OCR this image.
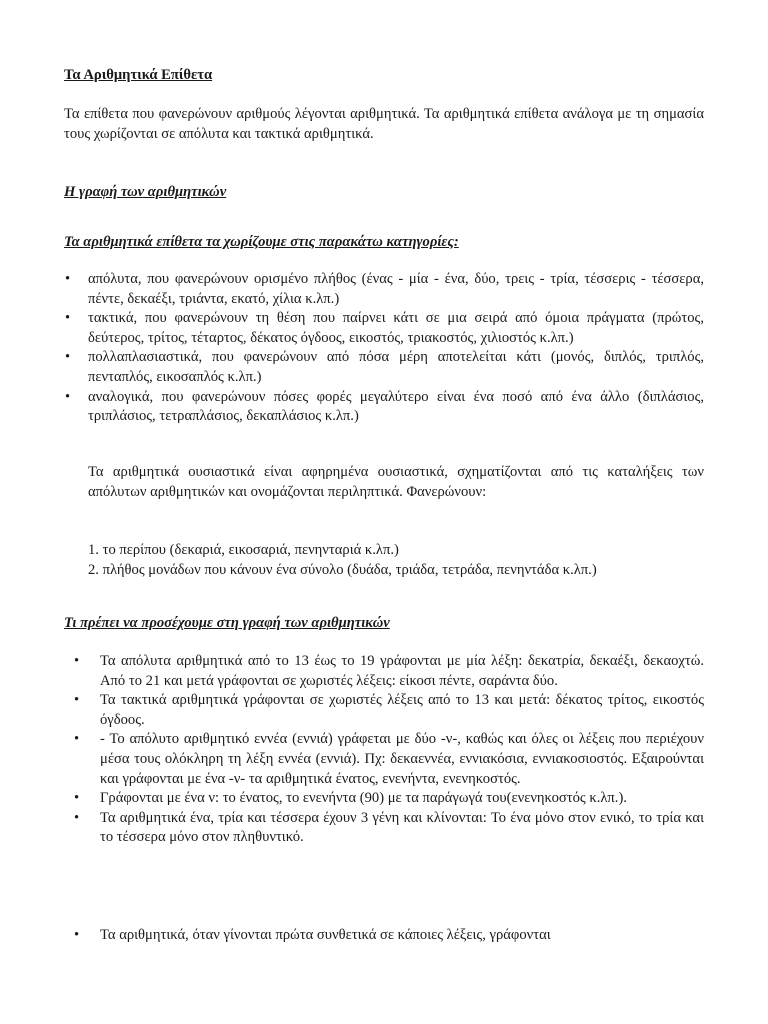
Τα Αριθμητικά Επίθετα

Τα επίθετα που φανερώνουν αριθμούς λέγονται αριθμητικά. Τα αριθμητικά επίθετα ανάλογα με τη σημασία τους χωρίζονται σε απόλυτα και τακτικά αριθμητικά.

Η γραφή των αριθμητικών

Τα αριθμητικά επίθετα τα χωρίζουμε στις παρακάτω κατηγορίες:

• απόλυτα, που φανερώνουν ορισμένο πλήθος (ένας - μία - ένα, δύο, τρεις - τρία, τέσσερις - τέσσερα, πέντε, δεκαέξι, τριάντα, εκατό, χίλια κ.λπ.)
• τακτικά, που φανερώνουν τη θέση που παίρνει κάτι σε μια σειρά από όμοια πράγματα (πρώτος, δεύτερος, τρίτος, τέταρτος, δέκατος όγδοος, εικοστός, τριακοστός, χιλιοστός κ.λπ.)
• πολλαπλασιαστικά, που φανερώνουν από πόσα μέρη αποτελείται κάτι (μονός, διπλός, τριπλός, πενταπλός, εικοσαπλός κ.λπ.)
• αναλογικά, που φανερώνουν πόσες φορές μεγαλύτερο είναι ένα ποσό από ένα άλλο (διπλάσιος, τριπλάσιος, τετραπλάσιος, δεκαπλάσιος κ.λπ.)

Τα αριθμητικά ουσιαστικά είναι αφηρημένα ουσιαστικά, σχηματίζονται από τις καταλήξεις των απόλυτων αριθμητικών και ονομάζονται περιληπτικά. Φανερώνουν:

1. το περίπου (δεκαριά, εικοσαριά, πενηνταριά κ.λπ.)
2. πλήθος μονάδων που κάνουν ένα σύνολο (δυάδα, τριάδα, τετράδα, πενηντάδα κ.λπ.)

Τι πρέπει να προσέχουμε στη γραφή των αριθμητικών

• Τα απόλυτα αριθμητικά από το 13 έως το 19 γράφονται με μία λέξη: δεκατρία, δεκαέξι, δεκαοχτώ. Από το 21 και μετά γράφονται σε χωριστές λέξεις: είκοσι πέντε, σαράντα δύο.
• Τα τακτικά αριθμητικά γράφονται σε χωριστές λέξεις από το 13 και μετά: δέκατος τρίτος, εικοστός όγδοος.
• - Το απόλυτο αριθμητικό εννέα (εννιά) γράφεται με δύο -ν-, καθώς και όλες οι λέξεις που περιέχουν μέσα τους ολόκληρη τη λέξη εννέα (εννιά). Πχ: δεκαεννέα, εννιακόσια, εννιακοσιοστός. Εξαιρούνται και γράφονται με ένα -ν- τα αριθμητικά ένατος, ενενήντα, ενενηκοστός.
• Γράφονται με ένα ν: το ένατος, το ενενήντα (90) με τα παράγωγά του(ενενηκοστός κ.λπ.).
• Τα αριθμητικά ένα, τρία και τέσσερα έχουν 3 γένη και κλίνονται: Το ένα μόνο στον ενικό, το τρία και το τέσσερα μόνο στον πληθυντικό.
• Τα αριθμητικά, όταν γίνονται πρώτα συνθετικά σε κάποιες λέξεις, γράφονται
